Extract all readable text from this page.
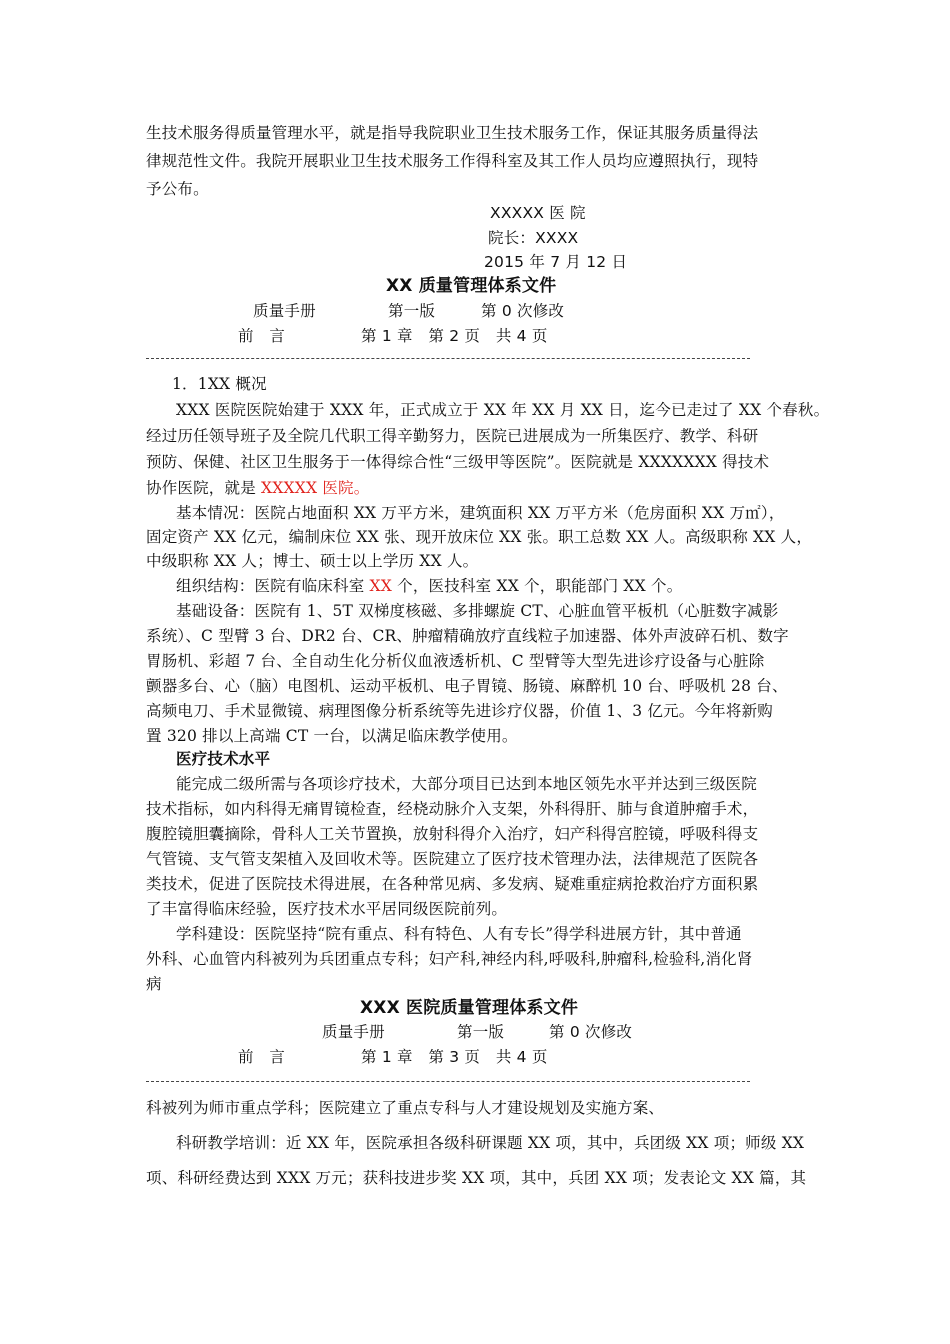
生技术服务得质量管理水平，就是指导我院职业卫生技术服务工作，保证其服务质量得法
律规范性文件。我院开展职业卫生技术服务工作得科室及其工作人员均应遵照执行，现特
予公布。
XXXXX 医 院
院长：XXXX
2015 年 7 月 12 日
XX 质量管理体系文件
质量手册	第一版	第 0 次修改
前　言	第 1 章　第 2 页　共 4 页
1．1XX 概况
XXX 医院医院始建于 XXX 年，正式成立于 XX 年 XX 月 XX 日，迄今已走过了 XX 个春秋。
经过历任领导班子及全院几代职工得辛勤努力，医院已进展成为一所集医疗、教学、科研
预防、保健、社区卫生服务于一体得综合性“三级甲等医院”。医院就是 XXXXXXX 得技术
协作医院，就是 XXXXX 医院。
基本情况：医院占地面积 XX 万平方米，建筑面积 XX 万平方米（危房面积 XX 万㎡），
固定资产 XX 亿元，编制床位 XX 张、现开放床位 XX 张。职工总数 XX 人。高级职称 XX 人，
中级职称 XX 人；博士、硕士以上学历 XX 人。
组织结构：医院有临床科室 XX 个，医技科室 XX 个，职能部门 XX 个。
基础设备：医院有 1、5T 双梯度核磁、多排螺旋 CT、心脏血管平板机（心脏数字减影
系统）、C 型臂 3 台、DR2 台、CR、肿瘤精确放疗直线粒子加速器、体外声波碎石机、数字
胃肠机、彩超 7 台、全自动生化分析仪血液透析机、C 型臂等大型先进诊疗设备与心脏除
颤器多台、心（脑）电图机、运动平板机、电子胃镜、肠镜、麻醉机 10 台、呼吸机 28 台、
高频电刀、手术显微镜、病理图像分析系统等先进诊疗仪器，价值 1、3 亿元。今年将新购
置 320 排以上高端 CT 一台，以满足临床教学使用。
医疗技术水平
能完成二级所需与各项诊疗技术，大部分项目已达到本地区领先水平并达到三级医院
技术指标，如内科得无痛胃镜检查，经桡动脉介入支架，外科得肝、肺与食道肿瘤手术，
腹腔镜胆囊摘除，骨科人工关节置换，放射科得介入治疗，妇产科得宫腔镜，呼吸科得支
气管镜、支气管支架植入及回收术等。医院建立了医疗技术管理办法，法律规范了医院各
类技术，促进了医院技术得进展，在各种常见病、多发病、疑难重症病抢救治疗方面积累
了丰富得临床经验，医疗技术水平居同级医院前列。
学科建设：医院坚持“院有重点、科有特色、人有专长”得学科进展方针，其中普通
外科、心血管内科被列为兵团重点专科；妇产科,神经内科,呼吸科,肿瘤科,检验科,消化肾
病
XXX 医院质量管理体系文件
质量手册	第一版	第 0 次修改
前　言	第 1 章　第 3 页　共 4 页
科被列为师市重点学科；医院建立了重点专科与人才建设规划及实施方案、
科研教学培训：近 XX 年，医院承担各级科研课题 XX 项，其中，兵团级 XX 项；师级 XX
项、科研经费达到 XXX 万元；获科技进步奖 XX 项，其中，兵团 XX 项；发表论文 XX 篇，其
